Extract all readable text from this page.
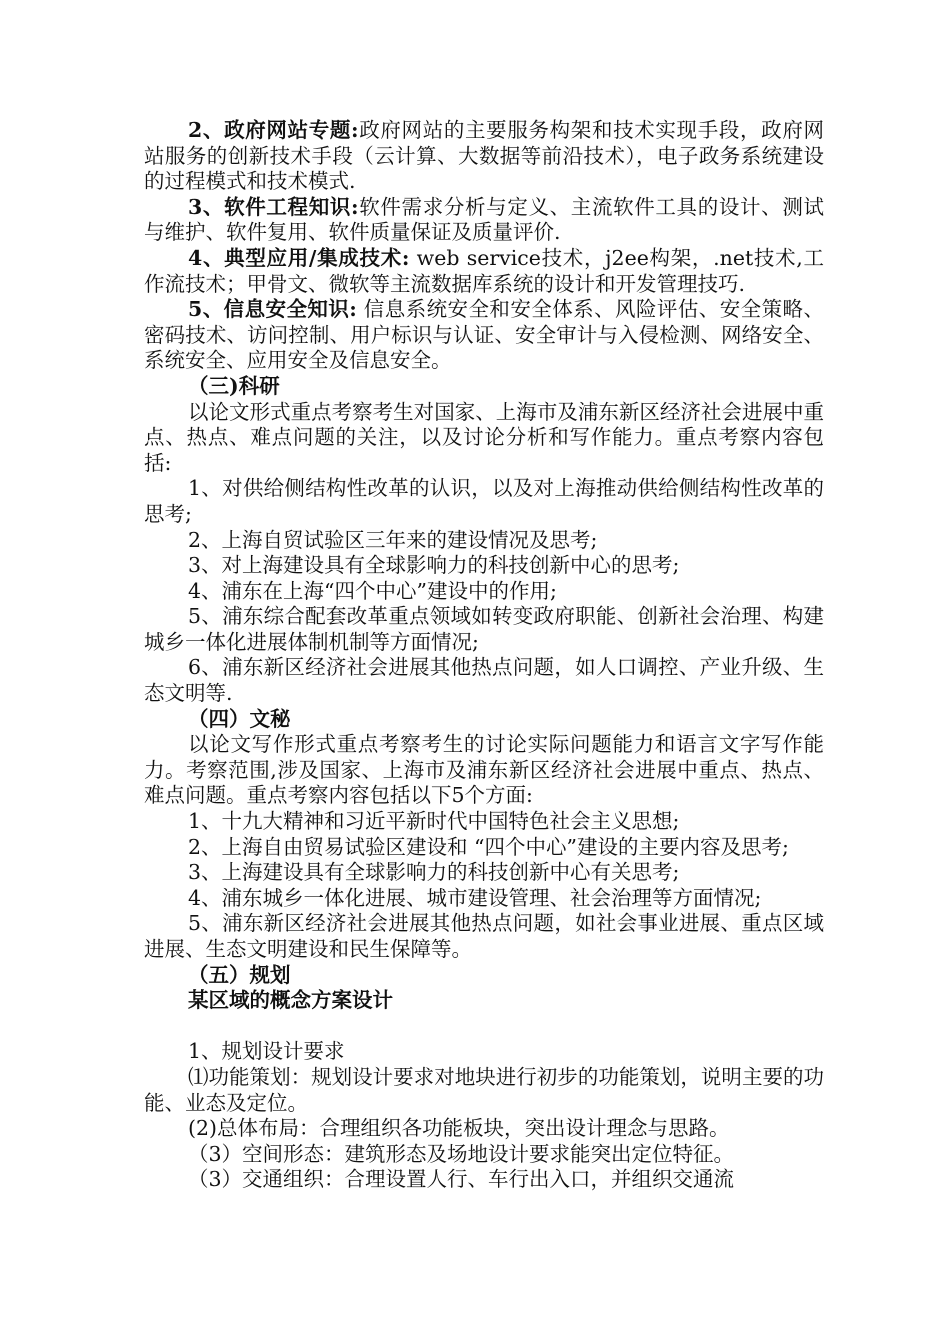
2、政府网站专题:政府网站的主要服务构架和技术实现手段，政府网站服务的创新技术手段（云计算、大数据等前沿技术），电子政务系统建设的过程模式和技术模式.

3、软件工程知识:软件需求分析与定义、主流软件工具的设计、测试与维护、软件复用、软件质量保证及质量评价.

4、典型应用/集成技术: web service技术，j2ee构架，.net技术,工作流技术；甲骨文、微软等主流数据库系统的设计和开发管理技巧.

5、信息安全知识: 信息系统安全和安全体系、风险评估、安全策略、密码技术、访问控制、用户标识与认证、安全审计与入侵检测、网络安全、系统安全、应用安全及信息安全。

（三)科研

以论文形式重点考察考生对国家、上海市及浦东新区经济社会进展中重点、热点、难点问题的关注，以及讨论分析和写作能力。重点考察内容包括:

1、对供给侧结构性改革的认识，以及对上海推动供给侧结构性改革的思考;

2、上海自贸试验区三年来的建设情况及思考;

3、对上海建设具有全球影响力的科技创新中心的思考;

4、浦东在上海“四个中心”建设中的作用;

5、浦东综合配套改革重点领域如转变政府职能、创新社会治理、构建城乡一体化进展体制机制等方面情况;

6、浦东新区经济社会进展其他热点问题，如人口调控、产业升级、生态文明等.

（四）文秘

以论文写作形式重点考察考生的讨论实际问题能力和语言文字写作能力。考察范围,涉及国家、上海市及浦东新区经济社会进展中重点、热点、难点问题。重点考察内容包括以下5个方面:

1、十九大精神和习近平新时代中国特色社会主义思想;

2、上海自由贸易试验区建设和 “四个中心”建设的主要内容及思考;

3、上海建设具有全球影响力的科技创新中心有关思考;

4、浦东城乡一体化进展、城市建设管理、社会治理等方面情况;

5、浦东新区经济社会进展其他热点问题，如社会事业进展、重点区域进展、生态文明建设和民生保障等。

（五）规划

某区域的概念方案设计

1、规划设计要求

⑴功能策划：规划设计要求对地块进行初步的功能策划，说明主要的功能、业态及定位。

(2)总体布局：合理组织各功能板块，突出设计理念与思路。

（3）空间形态：建筑形态及场地设计要求能突出定位特征。

（3）交通组织：合理设置人行、车行出入口，并组织交通流
